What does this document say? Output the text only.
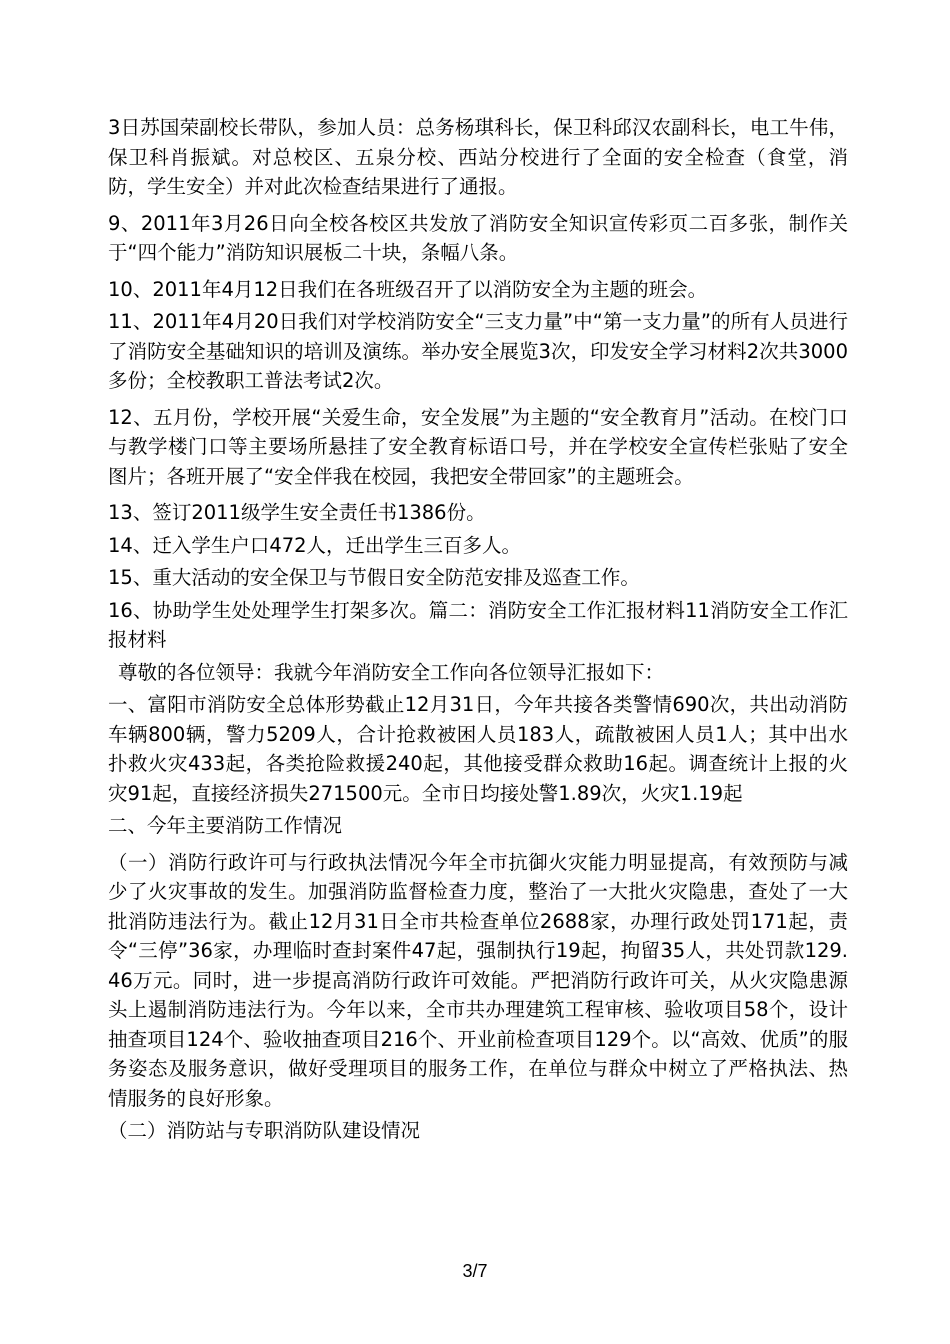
3日苏国荣副校长带队，参加人员：总务杨琪科长，保卫科邱汉农副科长，电工牛伟，保卫科肖振斌。对总校区、五泉分校、西站分校进行了全面的安全检查（食堂，消防，学生安全）并对此次检查结果进行了通报。

9、2011年3月26日向全校各校区共发放了消防安全知识宣传彩页二百多张，制作关于“四个能力”消防知识展板二十块，条幅八条。

10、2011年4月12日我们在各班级召开了以消防安全为主题的班会。

11、2011年4月20日我们对学校消防安全“三支力量”中“第一支力量”的所有人员进行了消防安全基础知识的培训及演练。举办安全展览3次，印发安全学习材料2次共3000多份；全校教职工普法考试2次。

12、五月份，学校开展“关爱生命，安全发展”为主题的“安全教育月”活动。在校门口与教学楼门口等主要场所悬挂了安全教育标语口号，并在学校安全宣传栏张贴了安全图片；各班开展了“安全伴我在校园，我把安全带回家”的主题班会。

13、签订2011级学生安全责任书1386份。

14、迁入学生户口472人，迁出学生三百多人。

15、重大活动的安全保卫与节假日安全防范安排及巡查工作。

16、协助学生处处理学生打架多次。篇二：消防安全工作汇报材料11消防安全工作汇报材料

尊敬的各位领导：我就今年消防安全工作向各位领导汇报如下：

一、富阳市消防安全总体形势截止12月31日，今年共接各类警情690次，共出动消防车辆800辆，警力5209人，合计抢救被困人员183人，疏散被困人员1人；其中出水扑救火灾433起，各类抢险救援240起，其他接受群众救助16起。调查统计上报的火灾91起，直接经济损失271500元。全市日均接处警1.89次，火灾1.19起

二、今年主要消防工作情况

（一）消防行政许可与行政执法情况今年全市抗御火灾能力明显提高，有效预防与减少了火灾事故的发生。加强消防监督检查力度，整治了一大批火灾隐患，查处了一大批消防违法行为。截止12月31日全市共检查单位2688家，办理行政处罚171起，责令“三停”36家，办理临时查封案件47起，强制执行19起，拘留35人，共处罚款129.46万元。同时，进一步提高消防行政许可效能。严把消防行政许可关，从火灾隐患源头上遏制消防违法行为。今年以来，全市共办理建筑工程审核、验收项目58个，设计抽查项目124个、验收抽查项目216个、开业前检查项目129个。以“高效、优质”的服务姿态及服务意识，做好受理项目的服务工作，在单位与群众中树立了严格执法、热情服务的良好形象。

（二）消防站与专职消防队建设情况

3/7
